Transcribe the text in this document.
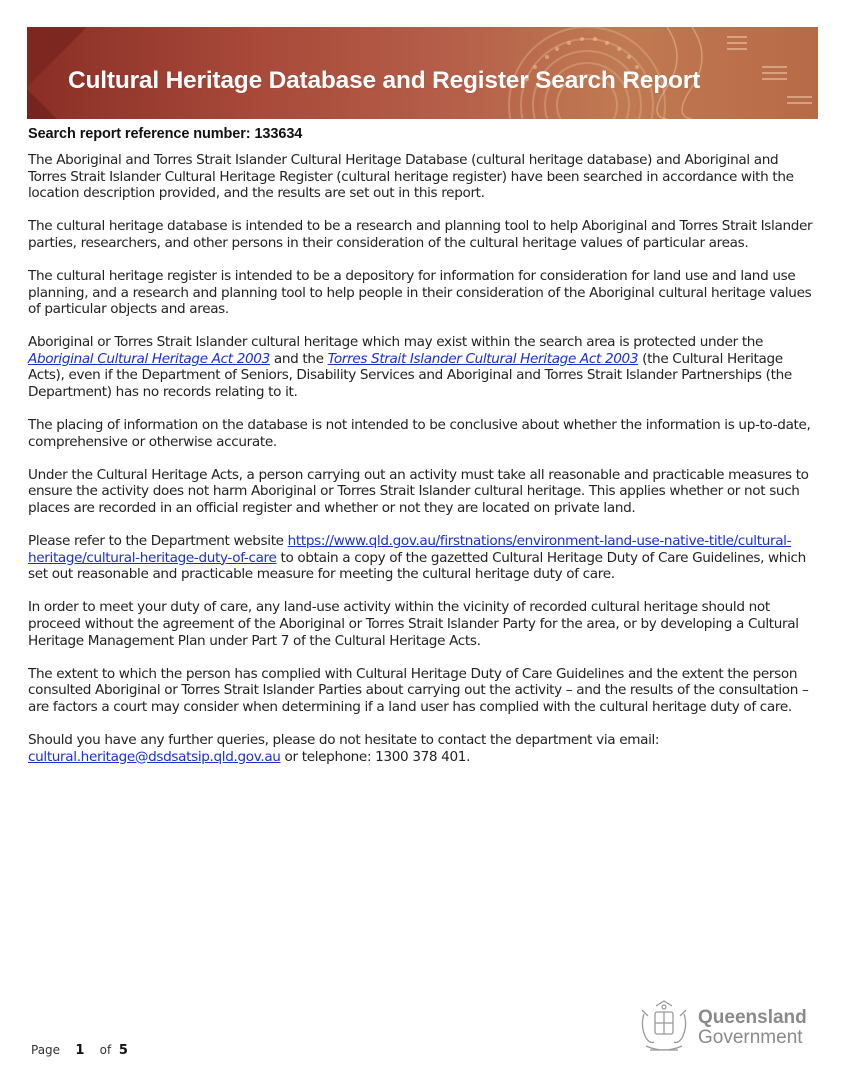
Cultural Heritage Database and Register Search Report
Search report reference number: 133634

The Aboriginal and Torres Strait Islander Cultural Heritage Database (cultural heritage database) and Aboriginal and Torres Strait Islander Cultural Heritage Register (cultural heritage register) have been searched in accordance with the location description provided, and the results are set out in this report.

The cultural heritage database is intended to be a research and planning tool to help Aboriginal and Torres Strait Islander parties, researchers, and other persons in their consideration of the cultural heritage values of particular areas.

The cultural heritage register is intended to be a depository for information for consideration for land use and land use planning, and a research and planning tool to help people in their consideration of the Aboriginal cultural heritage values of particular objects and areas.

Aboriginal or Torres Strait Islander cultural heritage which may exist within the search area is protected under the Aboriginal Cultural Heritage Act 2003 and the Torres Strait Islander Cultural Heritage Act 2003 (the Cultural Heritage Acts), even if the Department of Seniors, Disability Services and Aboriginal and Torres Strait Islander Partnerships (the Department) has no records relating to it.

The placing of information on the database is not intended to be conclusive about whether the information is up-to-date, comprehensive or otherwise accurate.

Under the Cultural Heritage Acts, a person carrying out an activity must take all reasonable and practicable measures to ensure the activity does not harm Aboriginal or Torres Strait Islander cultural heritage. This applies whether or not such places are recorded in an official register and whether or not they are located on private land.

Please refer to the Department website https://www.qld.gov.au/firstnations/environment-land-use-native-title/cultural-heritage/cultural-heritage-duty-of-care to obtain a copy of the gazetted Cultural Heritage Duty of Care Guidelines, which set out reasonable and practicable measure for meeting the cultural heritage duty of care.

In order to meet your duty of care, any land-use activity within the vicinity of recorded cultural heritage should not proceed without the agreement of the Aboriginal or Torres Strait Islander Party for the area, or by developing a Cultural Heritage Management Plan under Part 7 of the Cultural Heritage Acts.

The extent to which the person has complied with Cultural Heritage Duty of Care Guidelines and the extent the person consulted Aboriginal or Torres Strait Islander Parties about carrying out the activity – and the results of the consultation – are factors a court may consider when determining if a land user has complied with the cultural heritage duty of care.

Should you have any further queries, please do not hesitate to contact the department via email: cultural.heritage@dsdsatsip.qld.gov.au or telephone: 1300 378 401.

Page 1 of 5
Queensland
Government
